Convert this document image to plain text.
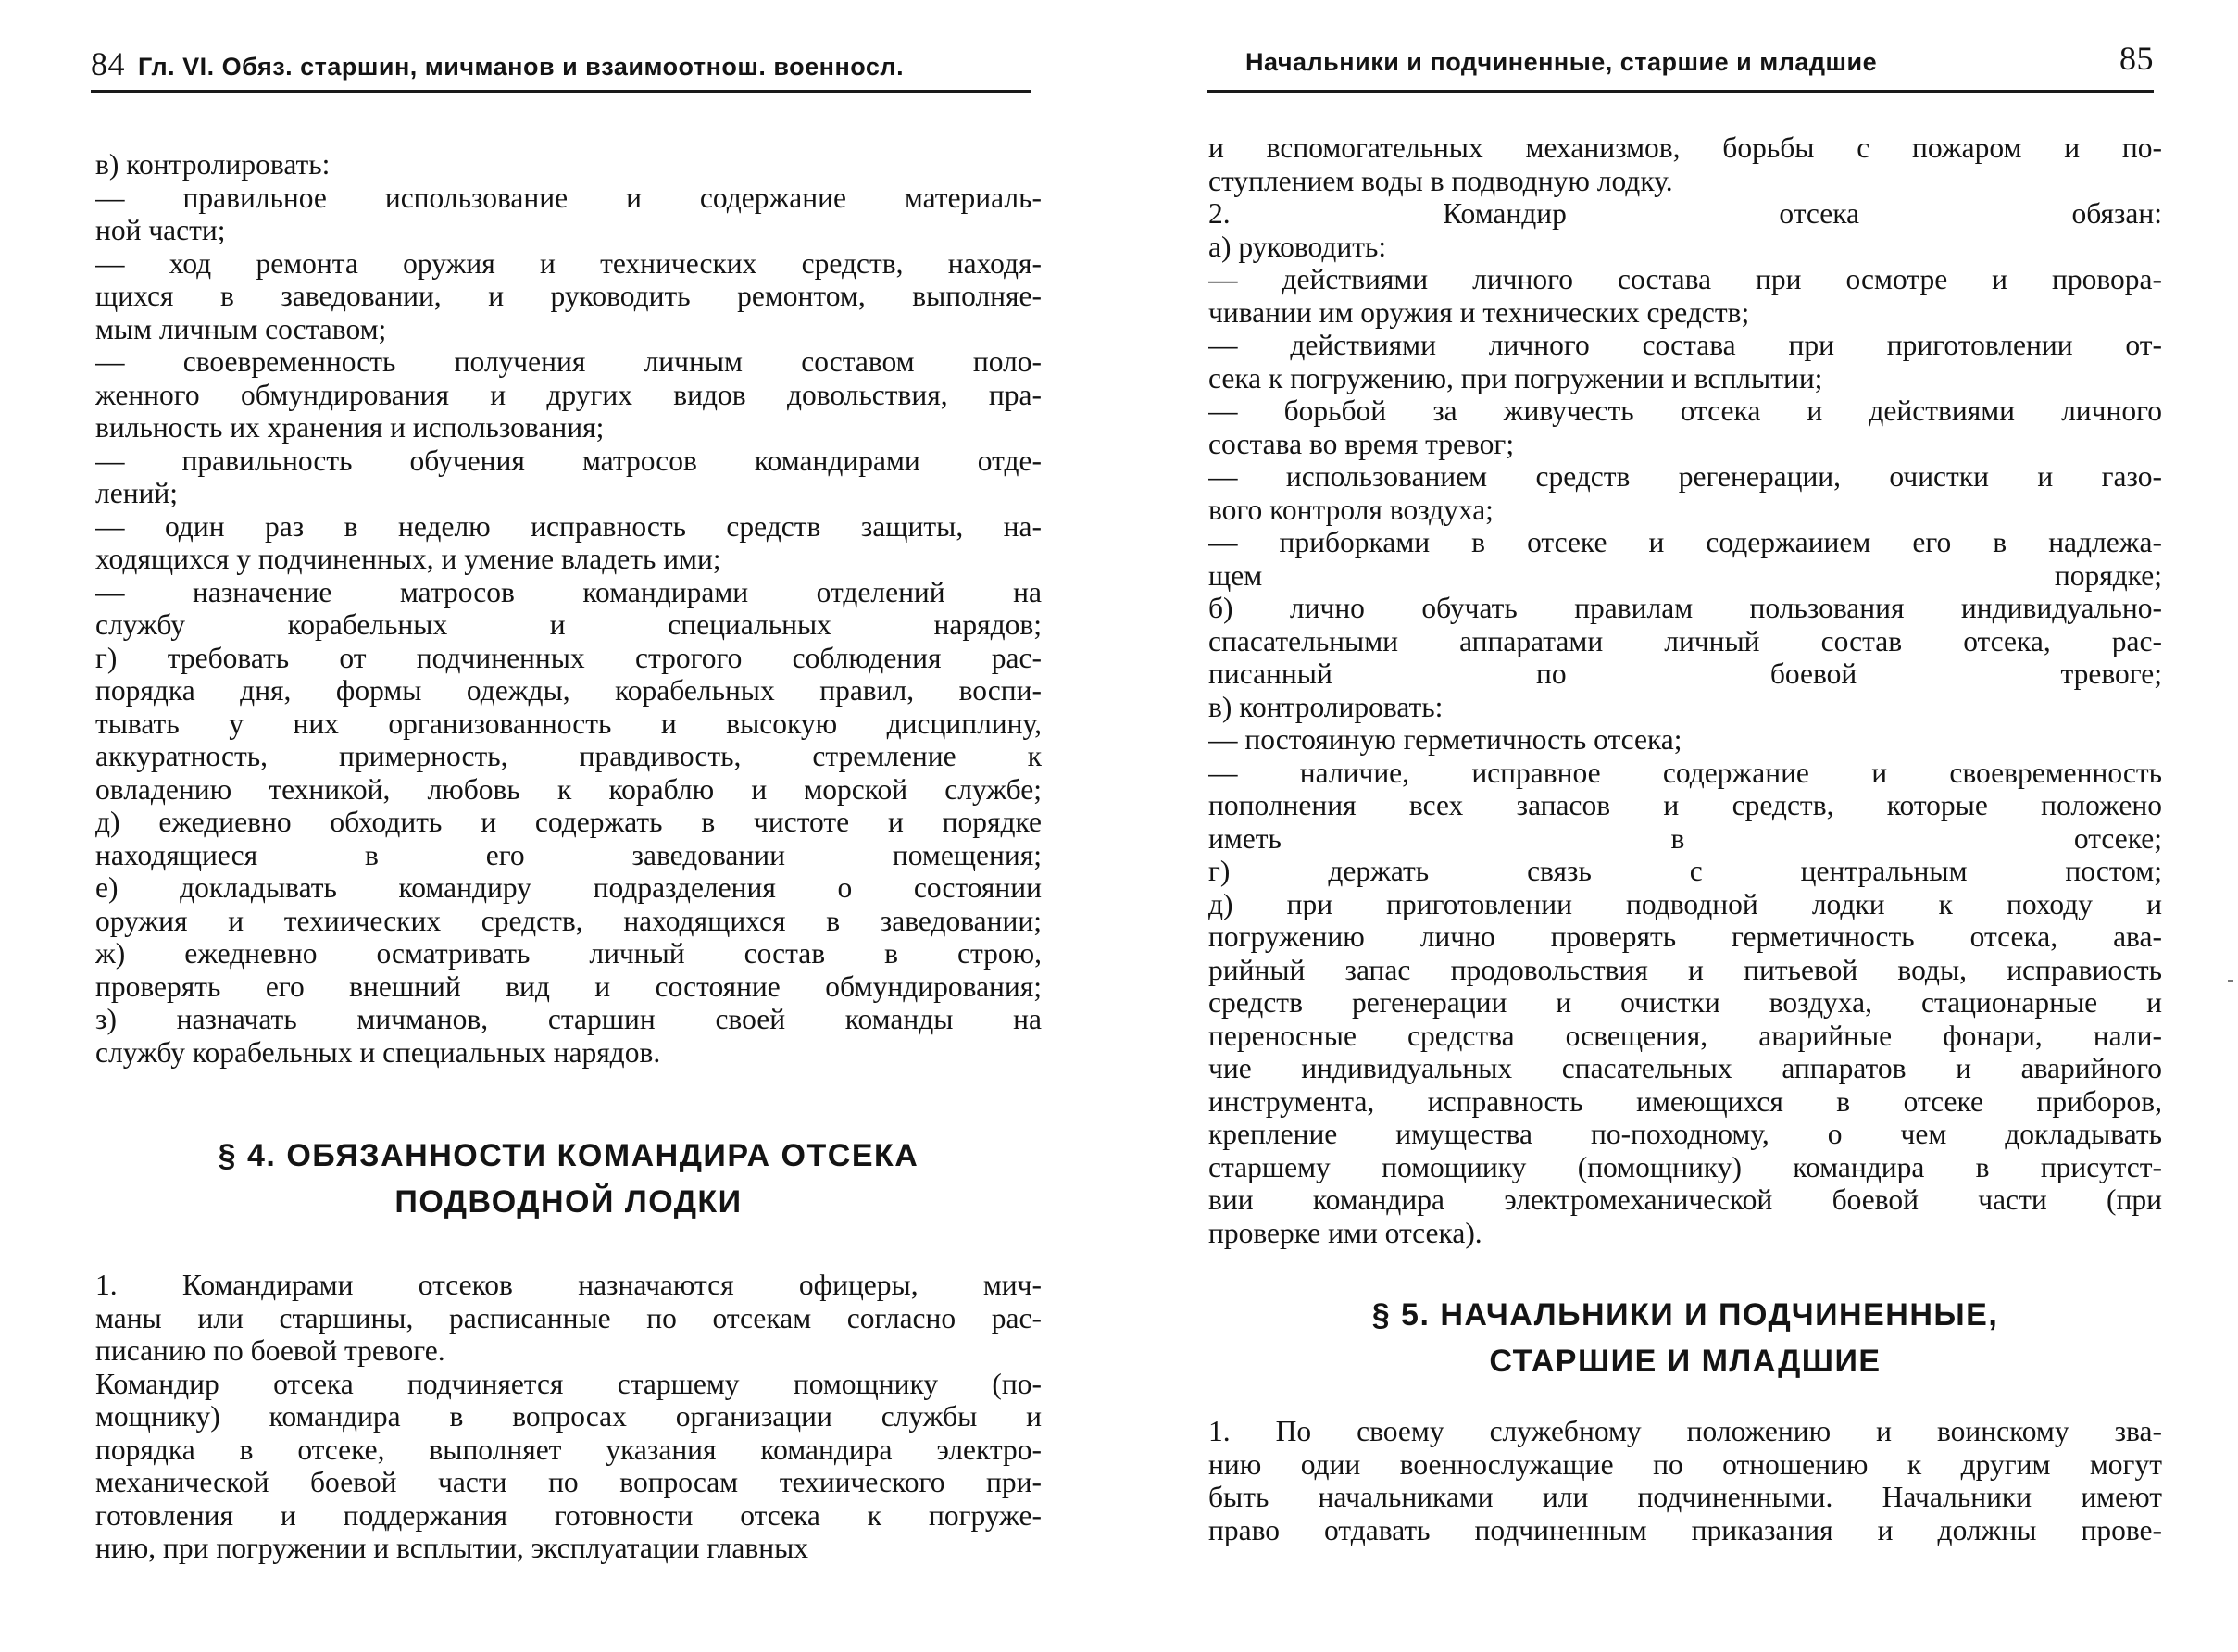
84 Гл. VI. Обяз. старшин, мичманов и взаимоотнош. военносл.
в) контролировать:
— правильное использование и содержание материаль-
ной части;
— ход ремонта оружия и технических средств, находя-
щихся в заведовании, и руководить ремонтом, выполняе-
мым личным составом;
— своевременность получения личным составом поло-
женного обмундирования и других видов довольствия, пра-
вильность их хранения и использования;
— правильность обучения матросов командирами отде-
лений;
— один раз в неделю исправность средств защиты, на-
ходящихся у подчиненных, и умение владеть ими;
— назначение матросов командирами отделений на
службу корабельных и специальных нарядов;
г) требовать от подчиненных строгого соблюдения рас-
порядка дня, формы одежды, корабельных правил, воспи-
тывать у них организованность и высокую дисциплину,
аккуратность, примерность, правдивость, стремление к
овладению техникой, любовь к кораблю и морской службе;
д) ежедиевно обходить и содержать в чистоте и порядке
находящиеся в его заведовании помещения;
е) докладывать командиру подразделения о состоянии
оружия и техиических средств, находящихся в заведовании;
ж) ежедневно осматривать личный состав в строю,
проверять его внешний вид и состояние обмундирования;
з) назначать мичманов, старшин своей команды на
службу корабельных и специальных нарядов.
§ 4. ОБЯЗАННОСТИ КОМАНДИРА ОТСЕКА
ПОДВОДНОЙ ЛОДКИ
1. Командирами отсеков назначаются офицеры, мич-
маны или старшины, расписанные по отсекам согласно рас-
писанию по боевой тревоге.
Командир отсека подчиняется старшему помощнику (по-
мощнику) командира в вопросах организации службы и
порядка в отсеке, выполняет указания командира электро-
механической боевой части по вопросам техиического при-
готовления и поддержания готовности отсека к погруже-
нию, при погружении и всплытии, эксплуатации главных
Начальники и подчиненные, старшие и младшие	85
и вспомогательных механизмов, борьбы с пожаром и по-
ступлением воды в подводную лодку.
2. Командир отсека обязан:
а) руководить:
— действиями личного состава при осмотре и провора-
чивании им оружия и технических средств;
— действиями личного состава при приготовлении от-
сека к погружению, при погружении и всплытии;
— борьбой за живучесть отсека и действиями личного
состава во время тревог;
— использованием средств регенерации, очистки и газо-
вого контроля воздуха;
— приборками в отсеке и содержаиием его в надлежа-
щем порядке;
б) лично обучать правилам пользования индивидуально-
спасательными аппаратами личный состав отсека, рас-
писанный по боевой тревоге;
в) контролировать:
— постояиную герметичность отсека;
— наличие, исправное содержание и своевременность
пополнения всех запасов и средств, которые положено
иметь в отсеке;
г) держать связь с центральным постом;
д) при приготовлении подводной лодки к походу и
погружению лично проверять герметичность отсека, ава-
рийный запас продовольствия и питьевой воды, исправиость
средств регенерации и очистки воздуха, стационарные и
переносные средства освещения, аварийные фонари, нали-
чие индивидуальных спасательных аппаратов и аварийного
инструмента, исправность имеющихся в отсеке приборов,
крепление имущества по-походному, о чем докладывать
старшему помощиику (помощнику) командира в присутст-
вии командира электромеханической боевой части (при
проверке ими отсека).
§ 5. НАЧАЛЬНИКИ И ПОДЧИНЕННЫЕ,
СТАРШИЕ И МЛАДШИЕ
1. По своему служебному положению и воинскому зва-
нию одии военнослужащие по отношению к другим могут
быть начальниками или подчиненными. Начальники имеют
право отдавать подчиненным приказания и должны прове-
